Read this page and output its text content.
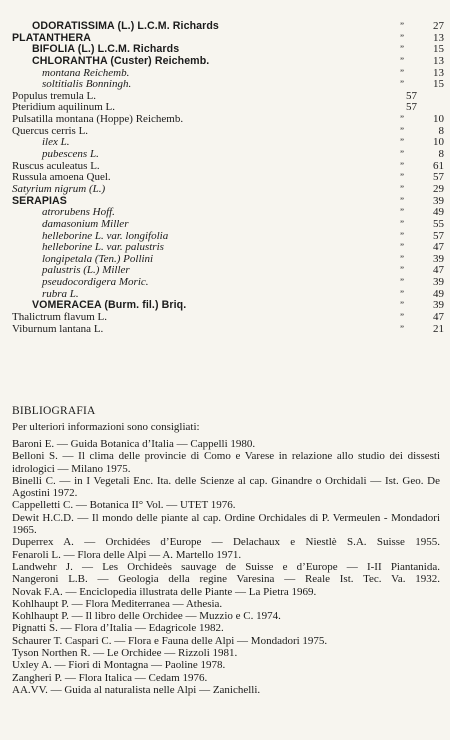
ODORATISSIMA (L.) L.C.M. Richards	”	27
PLATANTHERA	”	13
BIFOLIA (L.) L.C.M. Richards	”	15
CHLORANTHA (Custer) Reichemb.	”	13
montana Reichemb.	”	13
soltitialis Bonningh.	”	15
Populus tremula L.	57
Pteridium aquilinum L.	57
Pulsatilla montana (Hoppe) Reichemb.	”	10
Quercus cerris L.	”	8
ilex L.	”	10
pubescens L.	”	8
Ruscus aculeatus L.	”	61
Russula amoena Quel.	”	57
Satyrium nigrum (L.)	”	29
SERAPIAS	”	39
atrorubens Hoff.	”	49
damasonium Miller	”	55
helleborine L. var. longifolia	”	57
helleborine L. var. palustris	”	47
longipetala (Ten.) Pollini	”	39
palustris (L.) Miller	”	47
pseudocordigera Moric.	”	39
rubra L.	”	49
VOMERACEA (Burm. fil.) Briq.	”	39
Thalictrum flavum L.	”	47
Viburnum lantana L.	”	21
BIBLIOGRAFIA
Per ulteriori informazioni sono consigliati:

Baroni E. — Guida Botanica d’Italia — Cappelli 1980.

Belloni S. — Il clima delle provincie di Como e Varese in relazione allo studio dei dissesti idrologici — Milano 1975.

Binelli C. — in I Vegetali Enc. Ita. delle Scienze al cap. Ginandre o Orchidali — Ist. Geo. De Agostini 1972.

Cappelletti C. — Botanica II° Vol. — UTET 1976.

Dewit H.C.D. — Il mondo delle piante al cap. Ordine Orchidales di P. Vermeulen - Mondadori 1965.

Duperrex A. — Orchidées d’Europe — Delachaux e Niestlè S.A. Suisse 1955.

Fenaroli L. — Flora delle Alpi — A. Martello 1971.

Landwehr J. — Les Orchideès sauvage de Suisse e d’Europe — I-II Piantanida.

Nangeroni L.B. — Geologia della regine Varesina — Reale Ist. Tec. Va. 1932.

Novak F.A. — Enciclopedia illustrata delle Piante — La Pietra 1969.

Kohlhaupt P. — Flora Mediterranea — Athesia.

Kohlhaupt P. — Il libro delle Orchidee — Muzzio e C. 1974.

Pignatti S. — Flora d’Italia — Edagricole 1982.

Schaurer T. Caspari C. — Flora e Fauna delle Alpi — Mondadori 1975.

Tyson Northen R. — Le Orchidee — Rizzoli 1981.

Uxley A. — Fiori di Montagna — Paoline 1978.

Zangheri P. — Flora Italica — Cedam 1976.

AA.VV. — Guida al naturalista nelle Alpi — Zanichelli.
